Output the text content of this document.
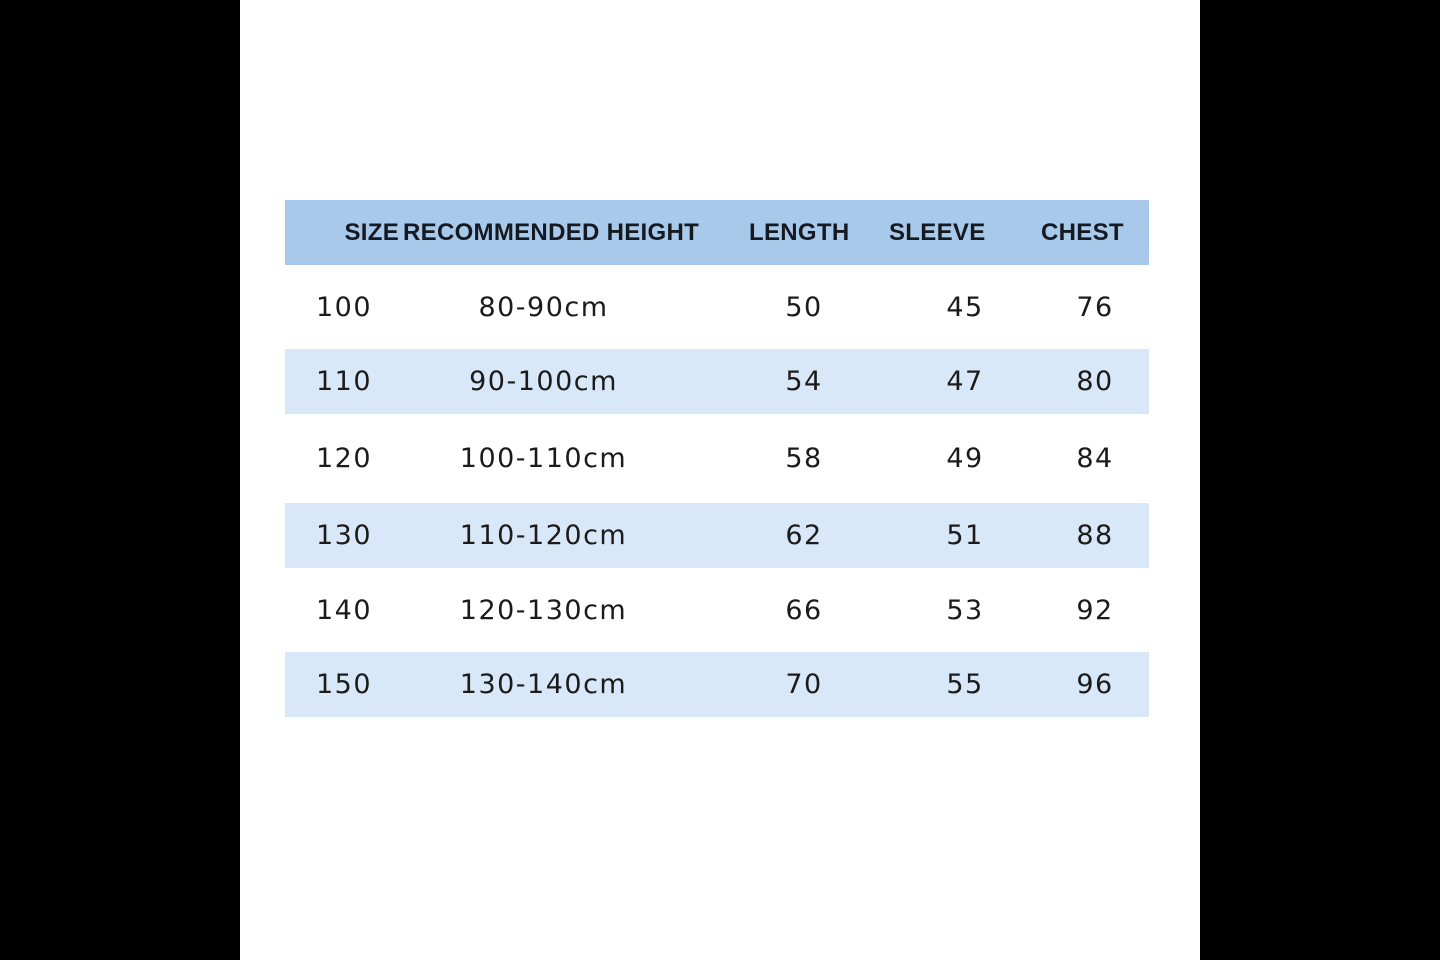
SIZE	RECOMMENDED HEIGHT	LENGTH	SLEEVE	CHEST
100	80-90cm	50	45	76
110	90-100cm	54	47	80
120	100-110cm	58	49	84
130	110-120cm	62	51	88
140	120-130cm	66	53	92
150	130-140cm	70	55	96
